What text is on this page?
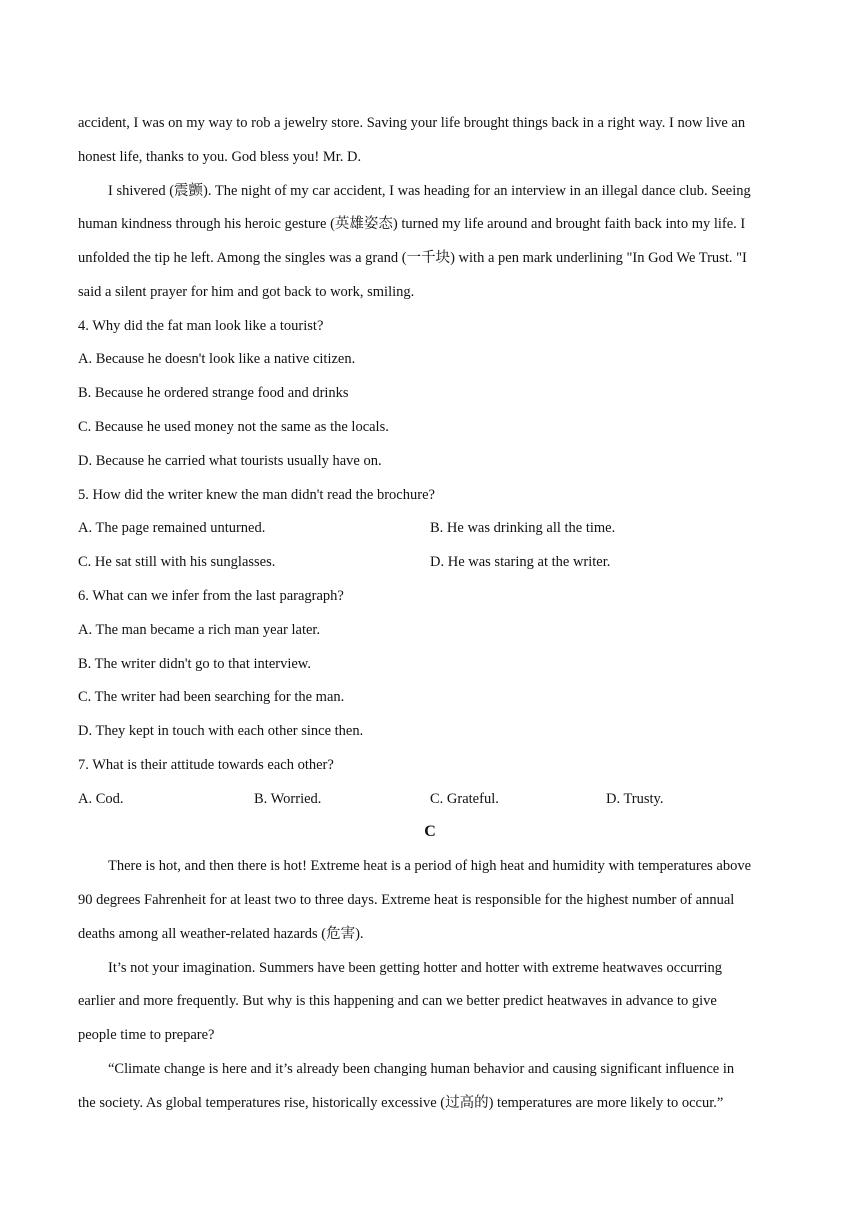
accident, I was on my way to rob a jewelry store. Saving your life brought things back in a right way. I now live an
honest life, thanks to you. God bless you! Mr. D.
I shivered (震颤). The night of my car accident, I was heading for an interview in an illegal dance club. Seeing
human kindness through his heroic gesture (英雄姿态) turned my life around and brought faith back into my life. I
unfolded the tip he left. Among the singles was a grand (一千块) with a pen mark underlining "In God We Trust. "I
said a silent prayer for him and got back to work, smiling.
4. Why did the fat man look like a tourist?
A. Because he doesn't look like a native citizen.
B. Because he ordered strange food and drinks
C. Because he used money not the same as the locals.
D. Because he carried what tourists usually have on.
5. How did the writer knew the man didn't read the brochure?
A. The page remained unturned.	B. He was drinking all the time.
C. He sat still with his sunglasses.	D. He was staring at the writer.
6. What can we infer from the last paragraph?
A. The man became a rich man year later.
B. The writer didn't go to that interview.
C. The writer had been searching for the man.
D. They kept in touch with each other since then.
7. What is their attitude towards each other?
A. Cod.	B. Worried.	C. Grateful.	D. Trusty.
C
There is hot, and then there is hot! Extreme heat is a period of high heat and humidity with temperatures above
90 degrees Fahrenheit for at least two to three days. Extreme heat is responsible for the highest number of annual
deaths among all weather-related hazards (危害).
It’s not your imagination. Summers have been getting hotter and hotter with extreme heatwaves occurring
earlier and more frequently. But why is this happening and can we better predict heatwaves in advance to give
people time to prepare?
“Climate change is here and it’s already been changing human behavior and causing significant influence in
the society. As global temperatures rise, historically excessive (过高的) temperatures are more likely to occur.”
